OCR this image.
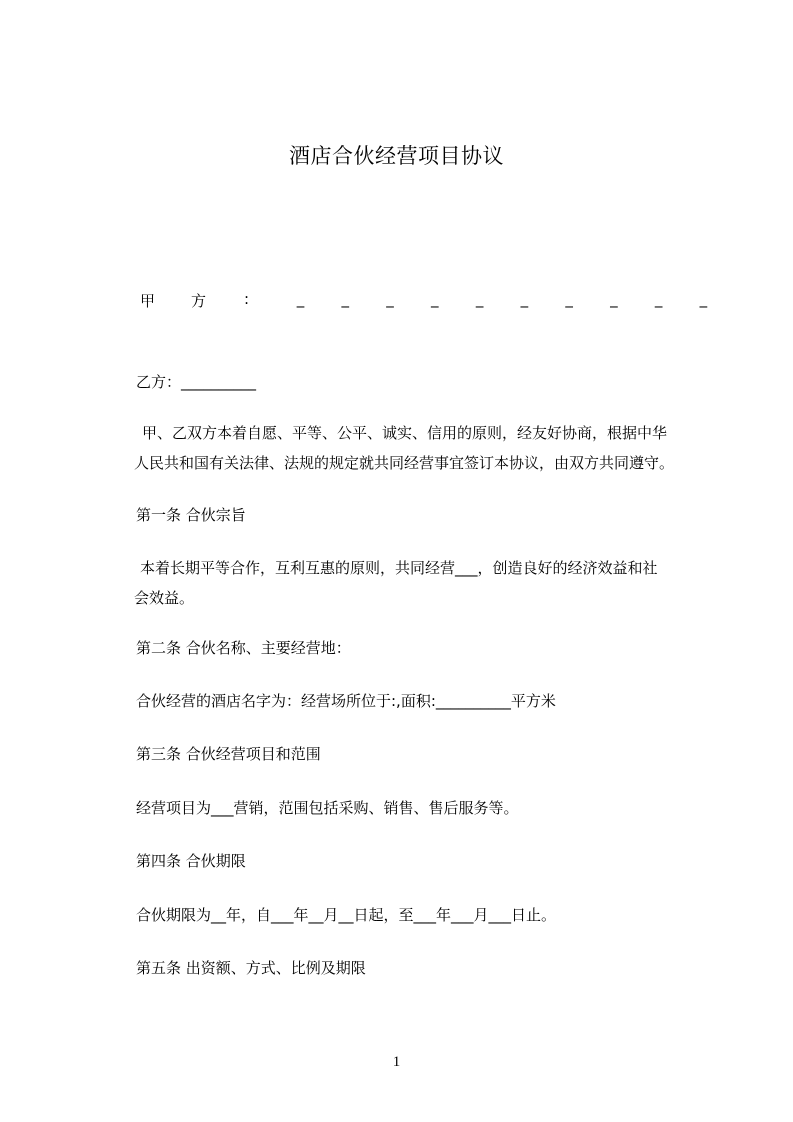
酒店合伙经营项目协议
甲 方	:	_ _ _ _ _ _ _ _ _ _
乙方：__________
甲、乙双方本着自愿、平等、公平、诚实、信用的原则，经友好协商，根据中华
人民共和国有关法律、法规的规定就共同经营事宜签订本协议，由双方共同遵守。
第一条 合伙宗旨
本着长期平等合作，互利互惠的原则，共同经营___，创造良好的经济效益和社
会效益。
第二条 合伙名称、主要经营地：
合伙经营的酒店名字为：经营场所位于:,面积:__________平方米
第三条 合伙经营项目和范围
经营项目为___营销，范围包括采购、销售、售后服务等。
第四条 合伙期限
合伙期限为__年，自___年__月__日起，至___年___月___日止。
第五条 出资额、方式、比例及期限
1
